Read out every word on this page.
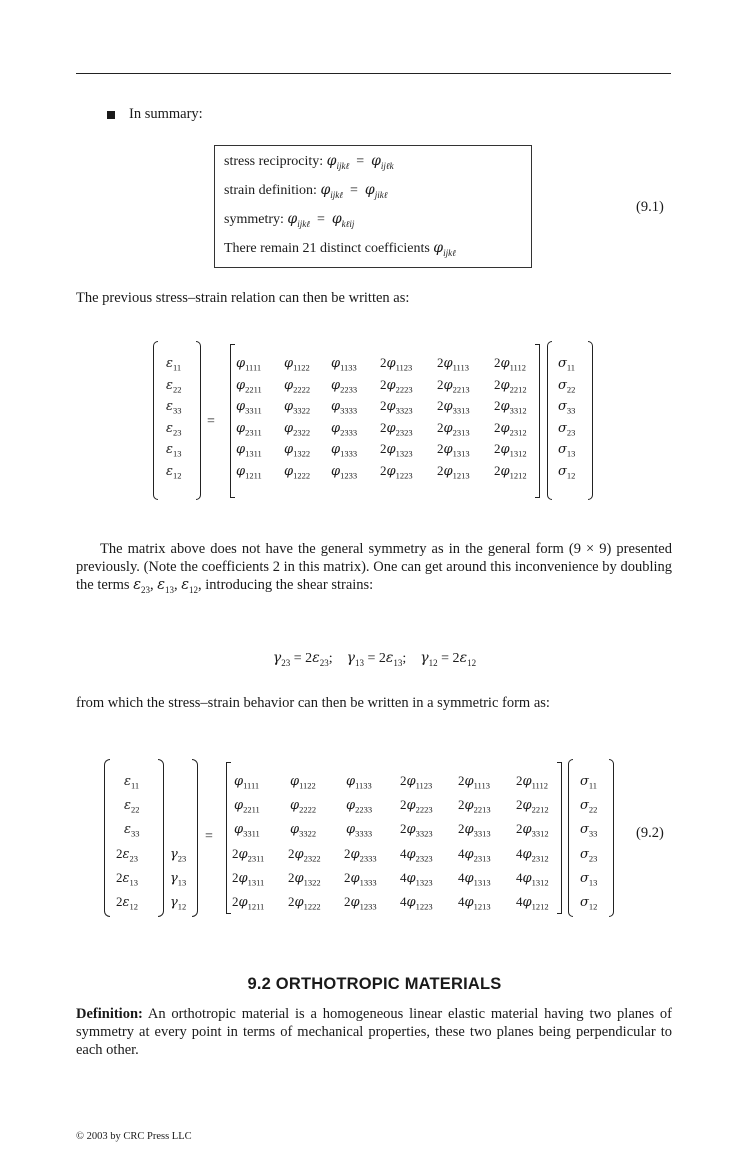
In summary:
stress reciprocity: $\varphi_{ijk\ell} = \varphi_{ij\ell k}$
strain definition: $\varphi_{ijk\ell} = \varphi_{jik\ell}$
symmetry: $\varphi_{ijk\ell} = \varphi_{k\ell ij}$
There remain 21 distinct coefficients $\varphi_{ijk\ell}$
(9.1)
The previous stress–strain relation can then be written as:
$\varepsilon_{11}$
$\varepsilon_{22}$
$\varepsilon_{33}$
$\varepsilon_{23}$
$\varepsilon_{13}$
$\varepsilon_{12}$
=
$\varphi_{1111}$ $\varphi_{1122}$ $\varphi_{1133}$ $2\varphi_{1123}$ $2\varphi_{1113}$ $2\varphi_{1112}$
$\varphi_{2211}$ $\varphi_{2222}$ $\varphi_{2233}$ $2\varphi_{2223}$ $2\varphi_{2213}$ $2\varphi_{2212}$
$\varphi_{3311}$ $\varphi_{3322}$ $\varphi_{3333}$ $2\varphi_{3323}$ $2\varphi_{3313}$ $2\varphi_{3312}$
$\varphi_{2311}$ $\varphi_{2322}$ $\varphi_{2333}$ $2\varphi_{2323}$ $2\varphi_{2313}$ $2\varphi_{2312}$
$\varphi_{1311}$ $\varphi_{1322}$ $\varphi_{1333}$ $2\varphi_{1323}$ $2\varphi_{1313}$ $2\varphi_{1312}$
$\varphi_{1211}$ $\varphi_{1222}$ $\varphi_{1233}$ $2\varphi_{1223}$ $2\varphi_{1213}$ $2\varphi_{1212}$
$\sigma_{11}$
$\sigma_{22}$
$\sigma_{33}$
$\sigma_{23}$
$\sigma_{13}$
$\sigma_{12}$
The matrix above does not have the general symmetry as in the general form (9 × 9) presented previously. (Note the coefficients 2 in this matrix). One can get around this inconvenience by doubling the terms $\varepsilon_{23}$, $\varepsilon_{13}$, $\varepsilon_{12}$, introducing the shear strains:
$\gamma_{23} = 2\varepsilon_{23}$;    $\gamma_{13} = 2\varepsilon_{13}$;    $\gamma_{12} = 2\varepsilon_{12}$
from which the stress–strain behavior can then be written in a symmetric form as:
$\varepsilon_{11}$
$\varepsilon_{22}$
$\varepsilon_{33}$
$2\varepsilon_{23}$ $\gamma_{23}$
$2\varepsilon_{13}$ $\gamma_{13}$
$2\varepsilon_{12}$ $\gamma_{12}$
=
$\varphi_{1111}$ $\varphi_{1122}$ $\varphi_{1133}$ $2\varphi_{1123}$ $2\varphi_{1113}$ $2\varphi_{1112}$
$\varphi_{2211}$ $\varphi_{2222}$ $\varphi_{2233}$ $2\varphi_{2223}$ $2\varphi_{2213}$ $2\varphi_{2212}$
$\varphi_{3311}$ $\varphi_{3322}$ $\varphi_{3333}$ $2\varphi_{3323}$ $2\varphi_{3313}$ $2\varphi_{3312}$
$2\varphi_{2311}$ $2\varphi_{2322}$ $2\varphi_{2333}$ $4\varphi_{2323}$ $4\varphi_{2313}$ $4\varphi_{2312}$
$2\varphi_{1311}$ $2\varphi_{1322}$ $2\varphi_{1333}$ $4\varphi_{1323}$ $4\varphi_{1313}$ $4\varphi_{1312}$
$2\varphi_{1211}$ $2\varphi_{1222}$ $2\varphi_{1233}$ $4\varphi_{1223}$ $4\varphi_{1213}$ $4\varphi_{1212}$
$\sigma_{11}$
$\sigma_{22}$
$\sigma_{33}$
$\sigma_{23}$
$\sigma_{13}$
$\sigma_{12}$
(9.2)
9.2 ORTHOTROPIC MATERIALS
Definition: An orthotropic material is a homogeneous linear elastic material having two planes of symmetry at every point in terms of mechanical properties, these two planes being perpendicular to each other.
© 2003 by CRC Press LLC
